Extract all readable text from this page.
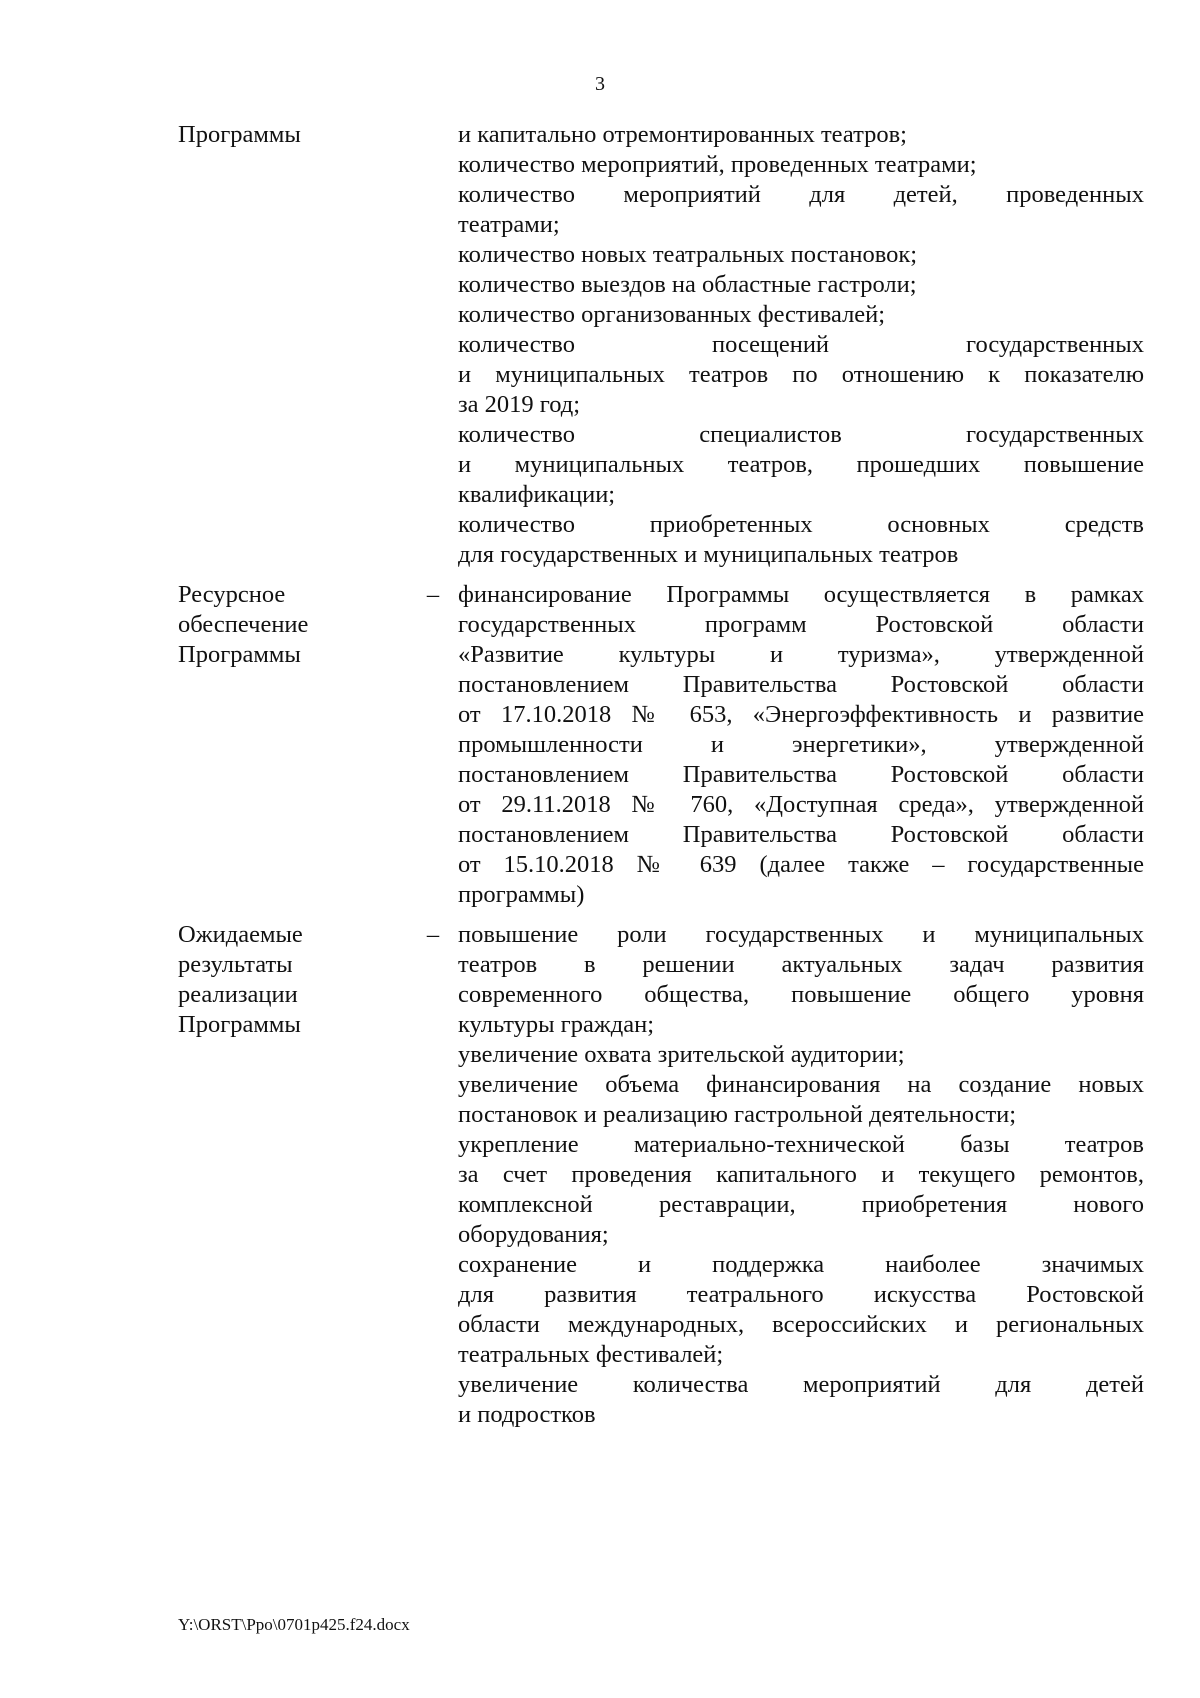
3
Программы	и капитально отремонтированных театров;
количество мероприятий, проведенных театрами;
количество мероприятий для детей, проведенных
театрами;
количество новых театральных постановок;
количество выездов на областные гастроли;
количество организованных фестивалей;
количество посещений государственных
и муниципальных театров по отношению к показателю
за 2019 год;
количество специалистов государственных
и муниципальных театров, прошедших повышение
квалификации;
количество приобретенных основных средств
для государственных и муниципальных театров
Ресурсное
обеспечение
Программы
– финансирование Программы осуществляется в рамках
государственных программ Ростовской области
«Развитие культуры и туризма», утвержденной
постановлением Правительства Ростовской области
от 17.10.2018 № 653, «Энергоэффективность и развитие
промышленности и энергетики», утвержденной
постановлением Правительства Ростовской области
от 29.11.2018 № 760, «Доступная среда», утвержденной
постановлением Правительства Ростовской области
от 15.10.2018 № 639 (далее также – государственные
программы)
Ожидаемые
результаты
реализации
Программы
– повышение роли государственных и муниципальных
театров в решении актуальных задач развития
современного общества, повышение общего уровня
культуры граждан;
увеличение охвата зрительской аудитории;
увеличение объема финансирования на создание новых
постановок и реализацию гастрольной деятельности;
укрепление материально-технической базы театров
за счет проведения капитального и текущего ремонтов,
комплексной реставрации, приобретения нового
оборудования;
сохранение и поддержка наиболее значимых
для развития театрального искусства Ростовской
области международных, всероссийских и региональных
театральных фестивалей;
увеличение количества мероприятий для детей
и подростков
Y:\ORST\Ppo\0701p425.f24.docx
